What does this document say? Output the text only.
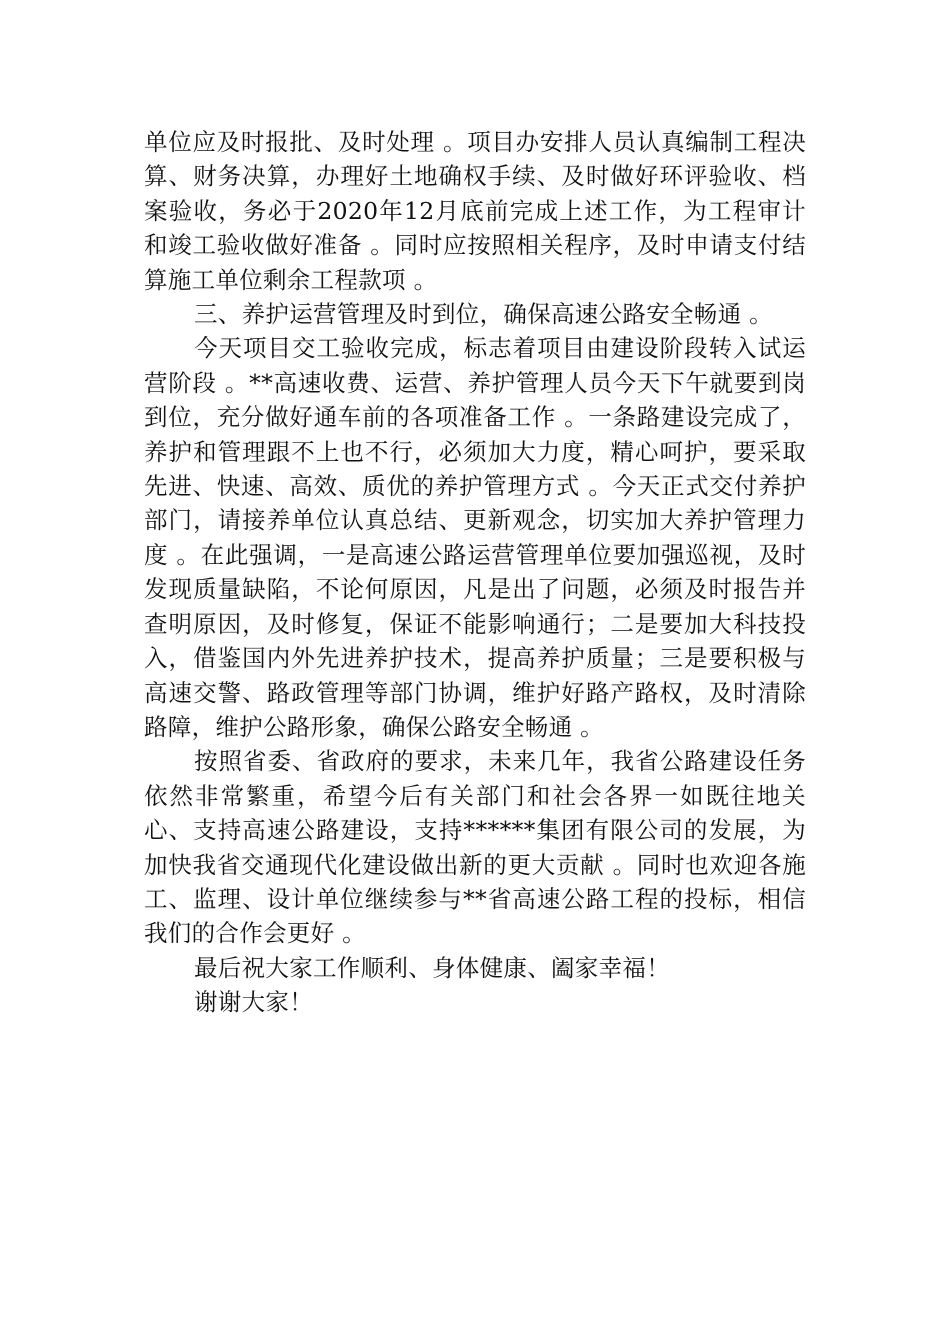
单位应及时报批、及时处理 。项目办安排人员认真编制工程决算、财务决算，办理好土地确权手续、及时做好环评验收、档案验收，务必于2020年12月底前完成上述工作，为工程审计和竣工验收做好准备 。同时应按照相关程序，及时申请支付结算施工单位剩余工程款项 。

三、养护运营管理及时到位，确保高速公路安全畅通 。

今天项目交工验收完成，标志着项目由建设阶段转入试运营阶段 。**高速收费、运营、养护管理人员今天下午就要到岗到位，充分做好通车前的各项准备工作 。一条路建设完成了，养护和管理跟不上也不行，必须加大力度，精心呵护，要采取先进、快速、高效、质优的养护管理方式 。今天正式交付养护部门，请接养单位认真总结、更新观念，切实加大养护管理力度 。在此强调，一是高速公路运营管理单位要加强巡视，及时发现质量缺陷，不论何原因，凡是出了问题，必须及时报告并查明原因，及时修复，保证不能影响通行；二是要加大科技投入，借鉴国内外先进养护技术，提高养护质量；三是要积极与高速交警、路政管理等部门协调，维护好路产路权，及时清除路障，维护公路形象，确保公路安全畅通 。

按照省委、省政府的要求，未来几年，我省公路建设任务依然非常繁重，希望今后有关部门和社会各界一如既往地关心、支持高速公路建设，支持******集团有限公司的发展，为加快我省交通现代化建设做出新的更大贡献 。同时也欢迎各施工、监理、设计单位继续参与**省高速公路工程的投标，相信我们的合作会更好 。

最后祝大家工作顺利、身体健康、阖家幸福！

谢谢大家！
